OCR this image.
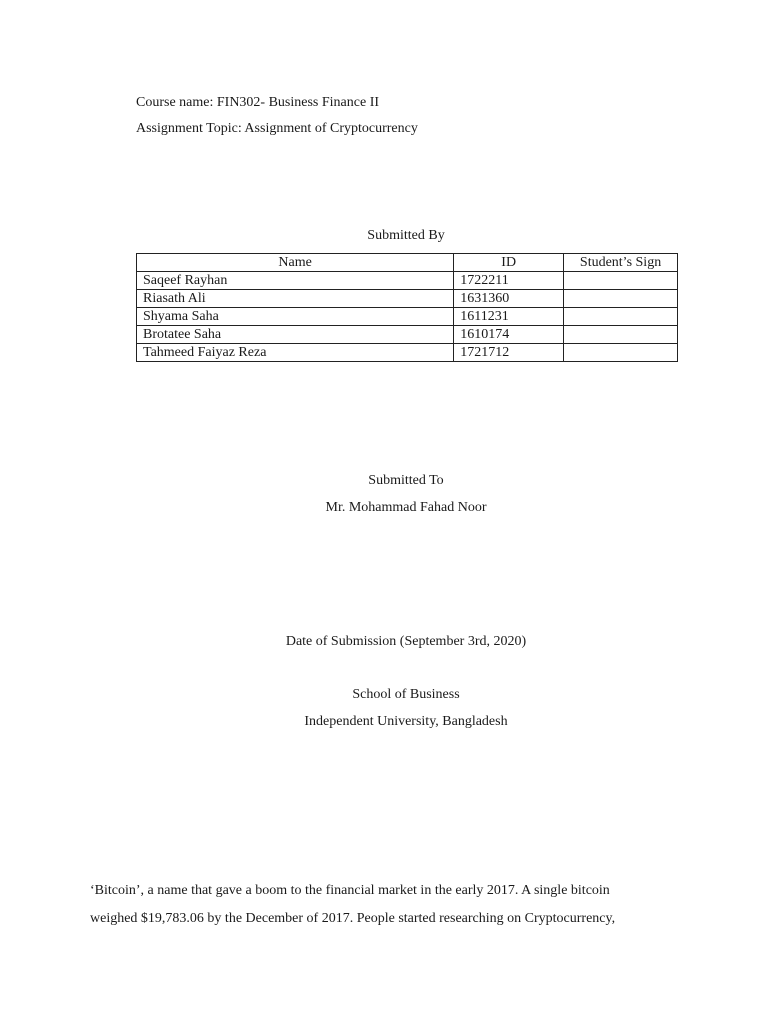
Course name: FIN302- Business Finance II
Assignment Topic: Assignment of Cryptocurrency
Submitted By
Name	ID	Student’s Sign
Saqeef Rayhan	1722211	
Riasath Ali	1631360	
Shyama Saha	1611231	
Brotatee Saha	1610174	
Tahmeed Faiyaz Reza	1721712	
Submitted To
Mr. Mohammad Fahad Noor
Date of Submission (September 3rd, 2020)
School of Business
Independent University, Bangladesh
‘Bitcoin’, a name that gave a boom to the financial market in the early 2017. A single bitcoin
weighed $19,783.06 by the December of 2017. People started researching on Cryptocurrency,
